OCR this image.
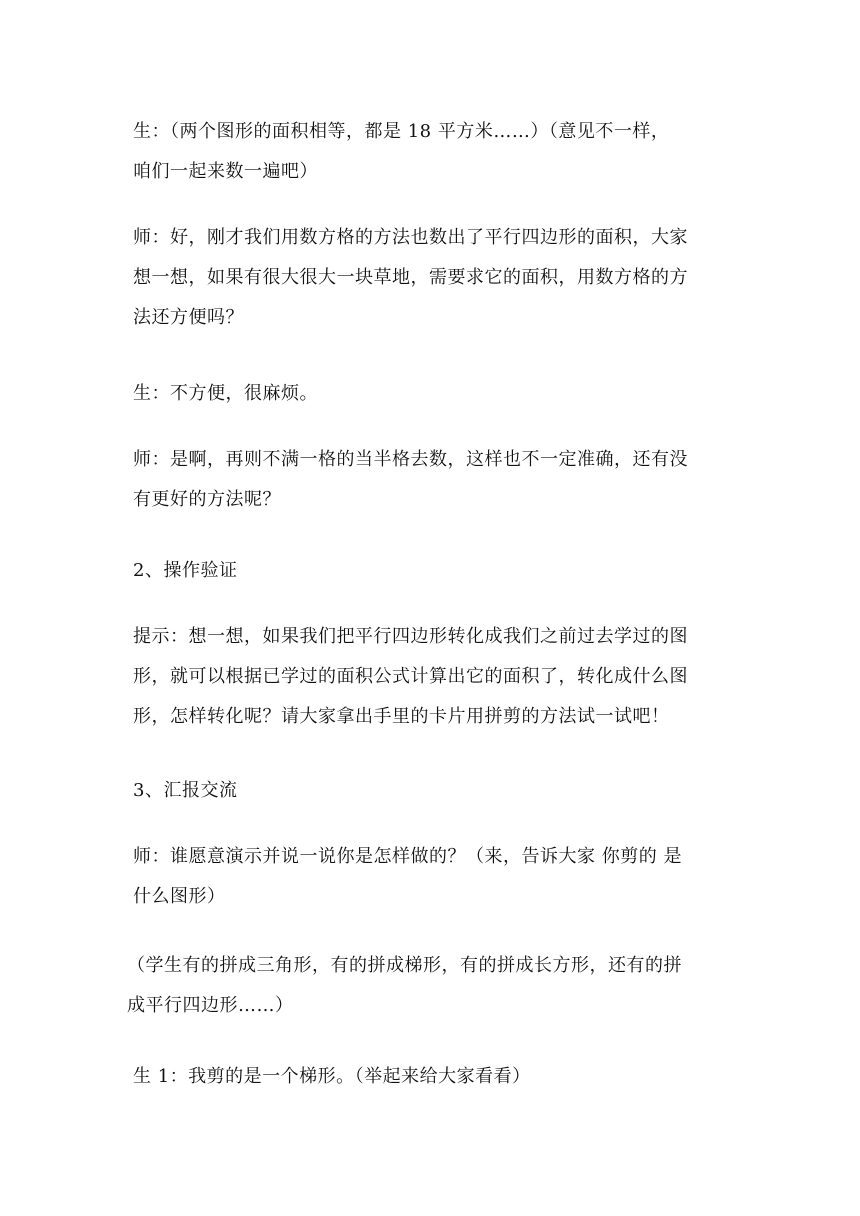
生：（两个图形的面积相等，都是 18 平方米……）（意见不一样，
咱们一起来数一遍吧）

师：好，刚才我们用数方格的方法也数出了平行四边形的面积，大家
想一想，如果有很大很大一块草地，需要求它的面积，用数方格的方
法还方便吗？

生：不方便，很麻烦。

师：是啊，再则不满一格的当半格去数，这样也不一定准确，还有没
有更好的方法呢？

2、操作验证

提示：想一想，如果我们把平行四边形转化成我们之前过去学过的图
形，就可以根据已学过的面积公式计算出它的面积了，转化成什么图
形，怎样转化呢？请大家拿出手里的卡片用拼剪的方法试一试吧！

3、汇报交流

师：谁愿意演示并说一说你是怎样做的？（来，告诉大家 你剪的 是
什么图形）

（学生有的拼成三角形，有的拼成梯形，有的拼成长方形，还有的拼
成平行四边形……）

生 1：我剪的是一个梯形。（举起来给大家看看）
